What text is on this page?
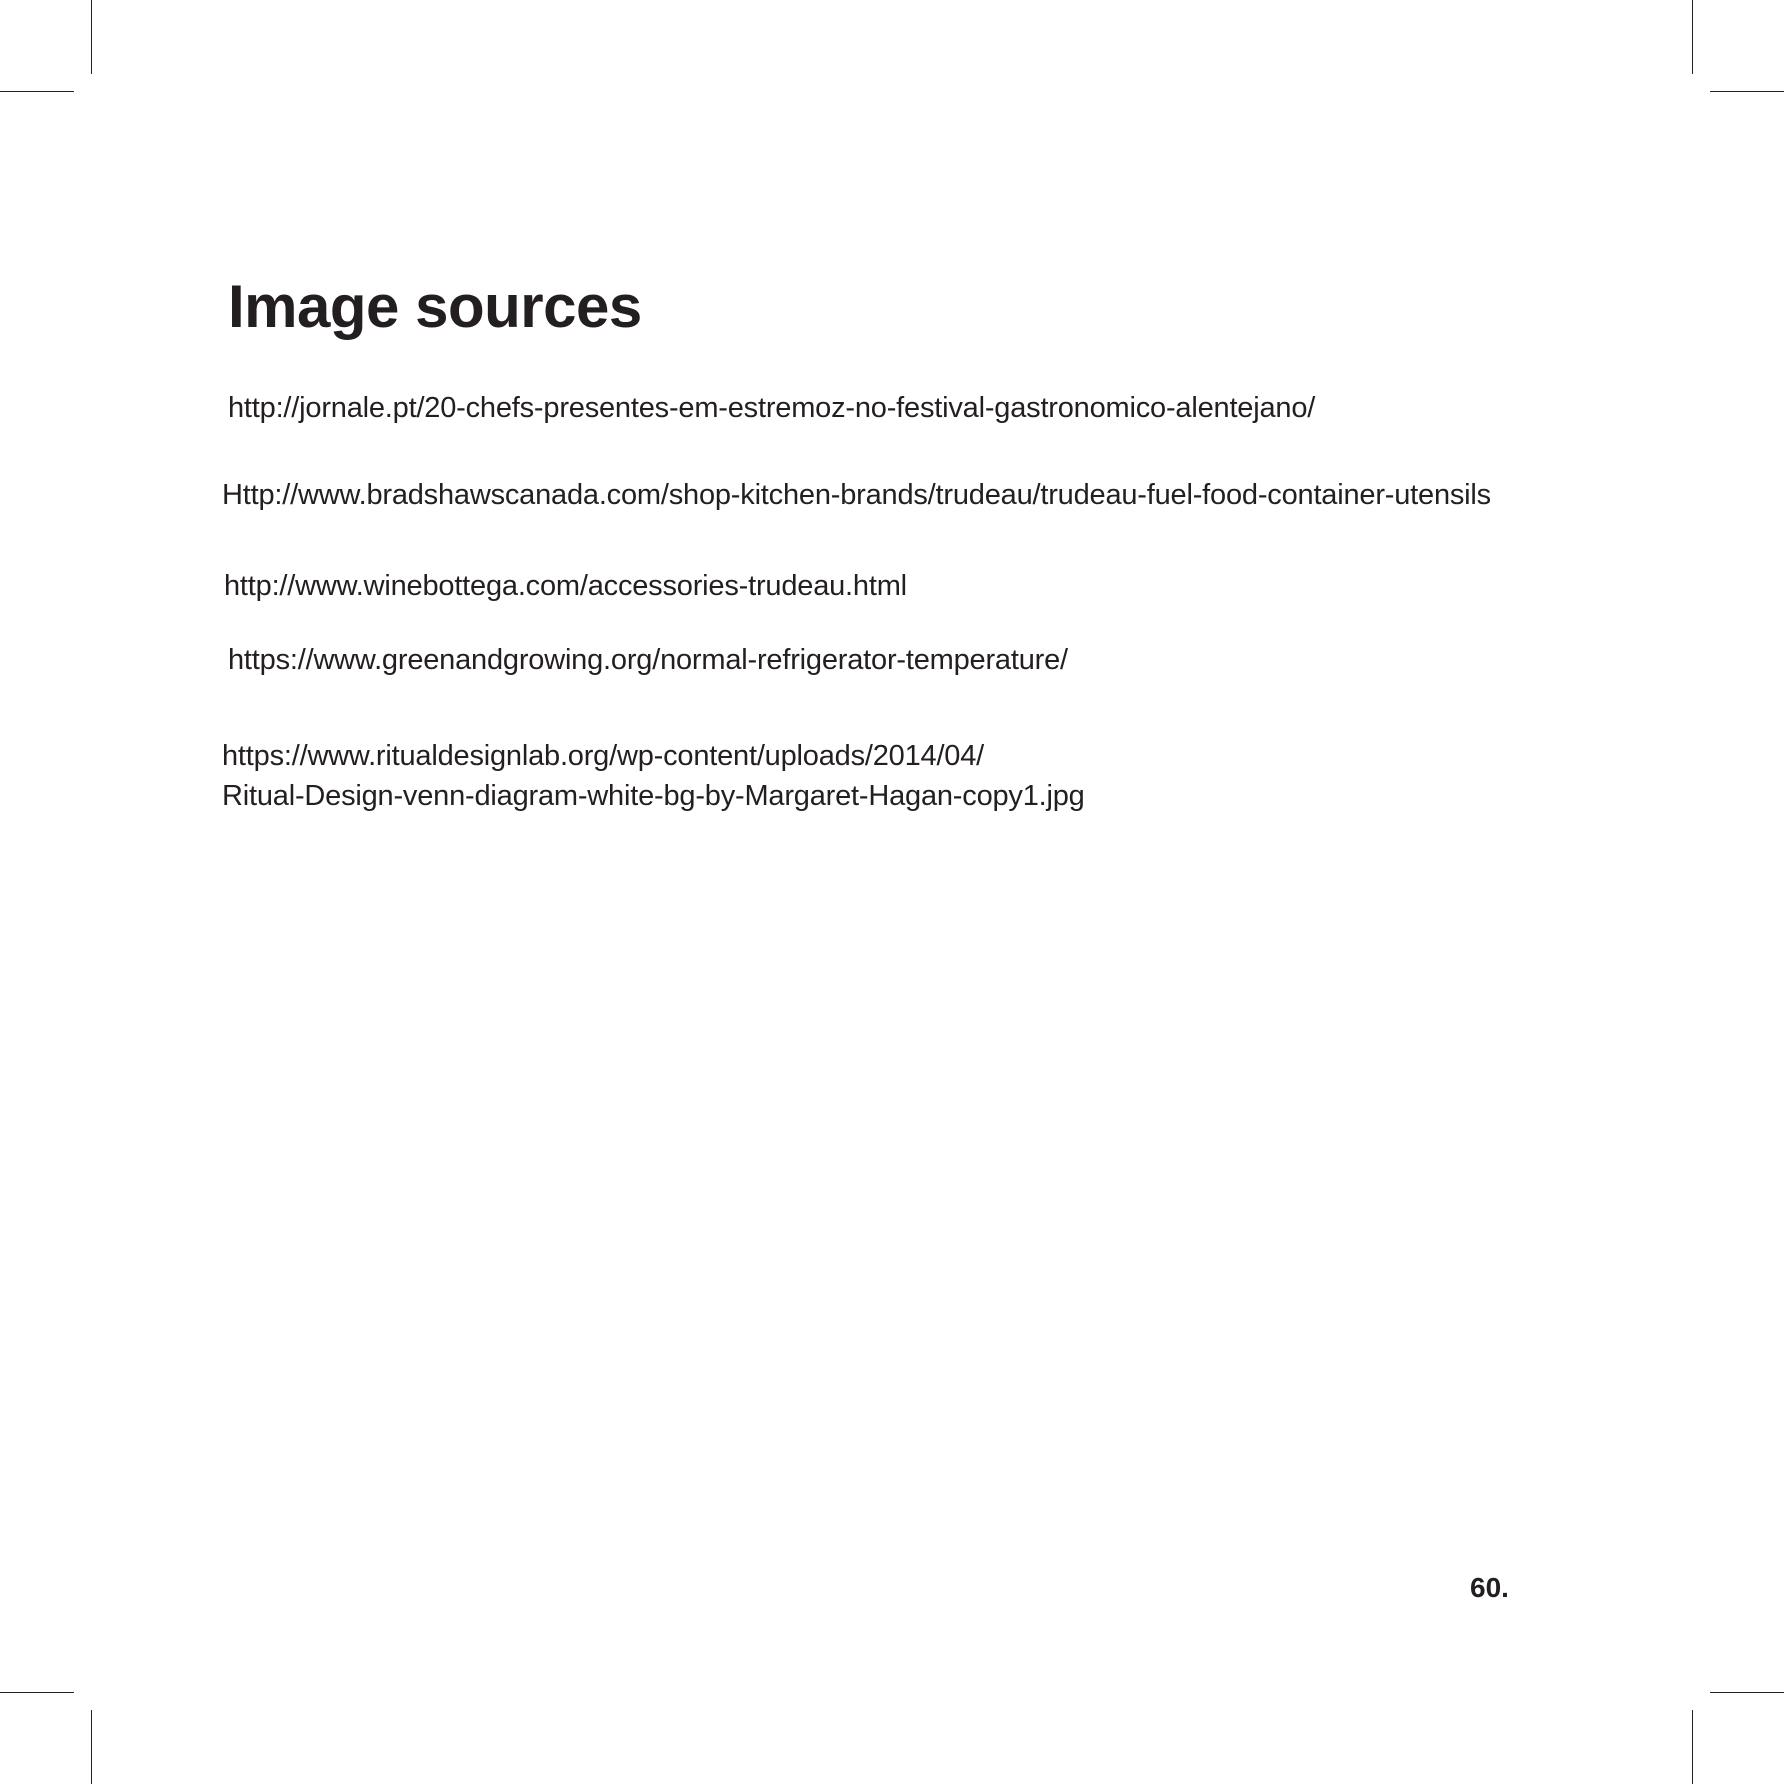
Image sources

http://jornale.pt/20-chefs-presentes-em-estremoz-no-festival-gastronomico-alentejano/

Http://www.bradshawscanada.com/shop-kitchen-brands/trudeau/trudeau-fuel-food-container-utensils

http://www.winebottega.com/accessories-trudeau.html

https://www.greenandgrowing.org/normal-refrigerator-temperature/

https://www.ritualdesignlab.org/wp-content/uploads/2014/04/
Ritual-Design-venn-diagram-white-bg-by-Margaret-Hagan-copy1.jpg

60.
